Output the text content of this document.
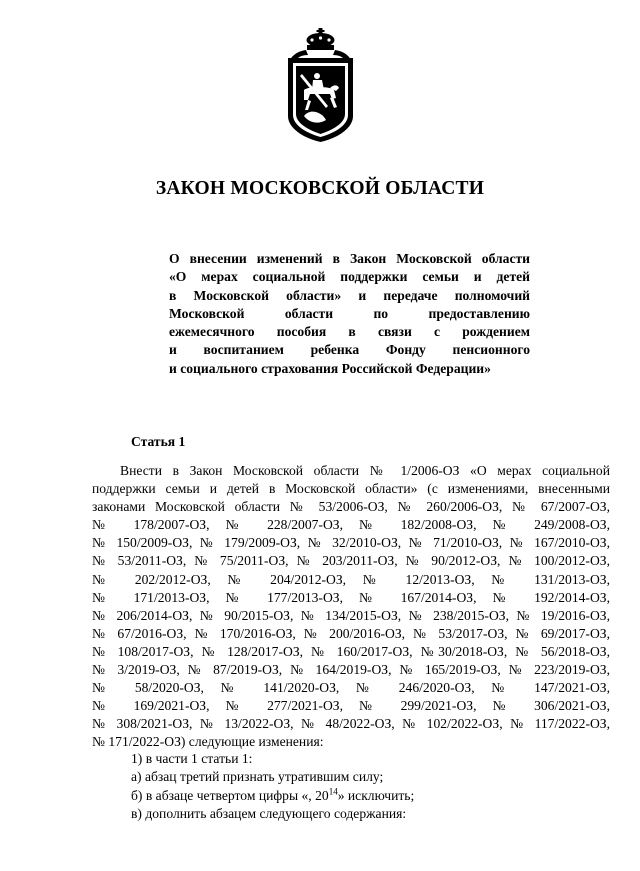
ЗАКОН МОСКОВСКОЙ ОБЛАСТИ
О внесении изменений в Закон Московской области
«О мерах социальной поддержки семьи и детей
в Московской области» и передаче полномочий
Московской области по предоставлению
ежемесячного пособия в связи с рождением
и воспитанием ребенка Фонду пенсионного
и социального страхования Российской Федерации»
Статья 1
Внести в Закон Московской области № 1/2006-ОЗ «О мерах социальной
поддержки семьи и детей в Московской области» (с изменениями, внесенными
законами Московской области № 53/2006-ОЗ, № 260/2006-ОЗ, № 67/2007-ОЗ,
№ 178/2007-ОЗ, № 228/2007-ОЗ, № 182/2008-ОЗ, № 249/2008-ОЗ,
№ 150/2009-ОЗ, № 179/2009-ОЗ, № 32/2010-ОЗ, № 71/2010-ОЗ, № 167/2010-ОЗ,
№ 53/2011-ОЗ, № 75/2011-ОЗ, № 203/2011-ОЗ, № 90/2012-ОЗ, № 100/2012-ОЗ,
№ 202/2012-ОЗ, № 204/2012-ОЗ, № 12/2013-ОЗ, № 131/2013-ОЗ,
№ 171/2013-ОЗ, № 177/2013-ОЗ, № 167/2014-ОЗ, № 192/2014-ОЗ,
№ 206/2014-ОЗ, № 90/2015-ОЗ, № 134/2015-ОЗ, № 238/2015-ОЗ, № 19/2016-ОЗ,
№ 67/2016-ОЗ, № 170/2016-ОЗ, № 200/2016-ОЗ, № 53/2017-ОЗ, № 69/2017-ОЗ,
№ 108/2017-ОЗ, № 128/2017-ОЗ, № 160/2017-ОЗ, №30/2018-ОЗ, № 56/2018-ОЗ,
№ 3/2019-ОЗ, № 87/2019-ОЗ, № 164/2019-ОЗ, № 165/2019-ОЗ, № 223/2019-ОЗ,
№ 58/2020-ОЗ, № 141/2020-ОЗ, № 246/2020-ОЗ, № 147/2021-ОЗ,
№ 169/2021-ОЗ, № 277/2021-ОЗ, № 299/2021-ОЗ, № 306/2021-ОЗ,
№ 308/2021-ОЗ, № 13/2022-ОЗ, № 48/2022-ОЗ, № 102/2022-ОЗ, № 117/2022-ОЗ,
№ 171/2022-ОЗ) следующие изменения:
1) в части 1 статьи 1:
а) абзац третий признать утратившим силу;
б) в абзаце четвертом цифры «, $20^{14}$» исключить;
в) дополнить абзацем следующего содержания:
